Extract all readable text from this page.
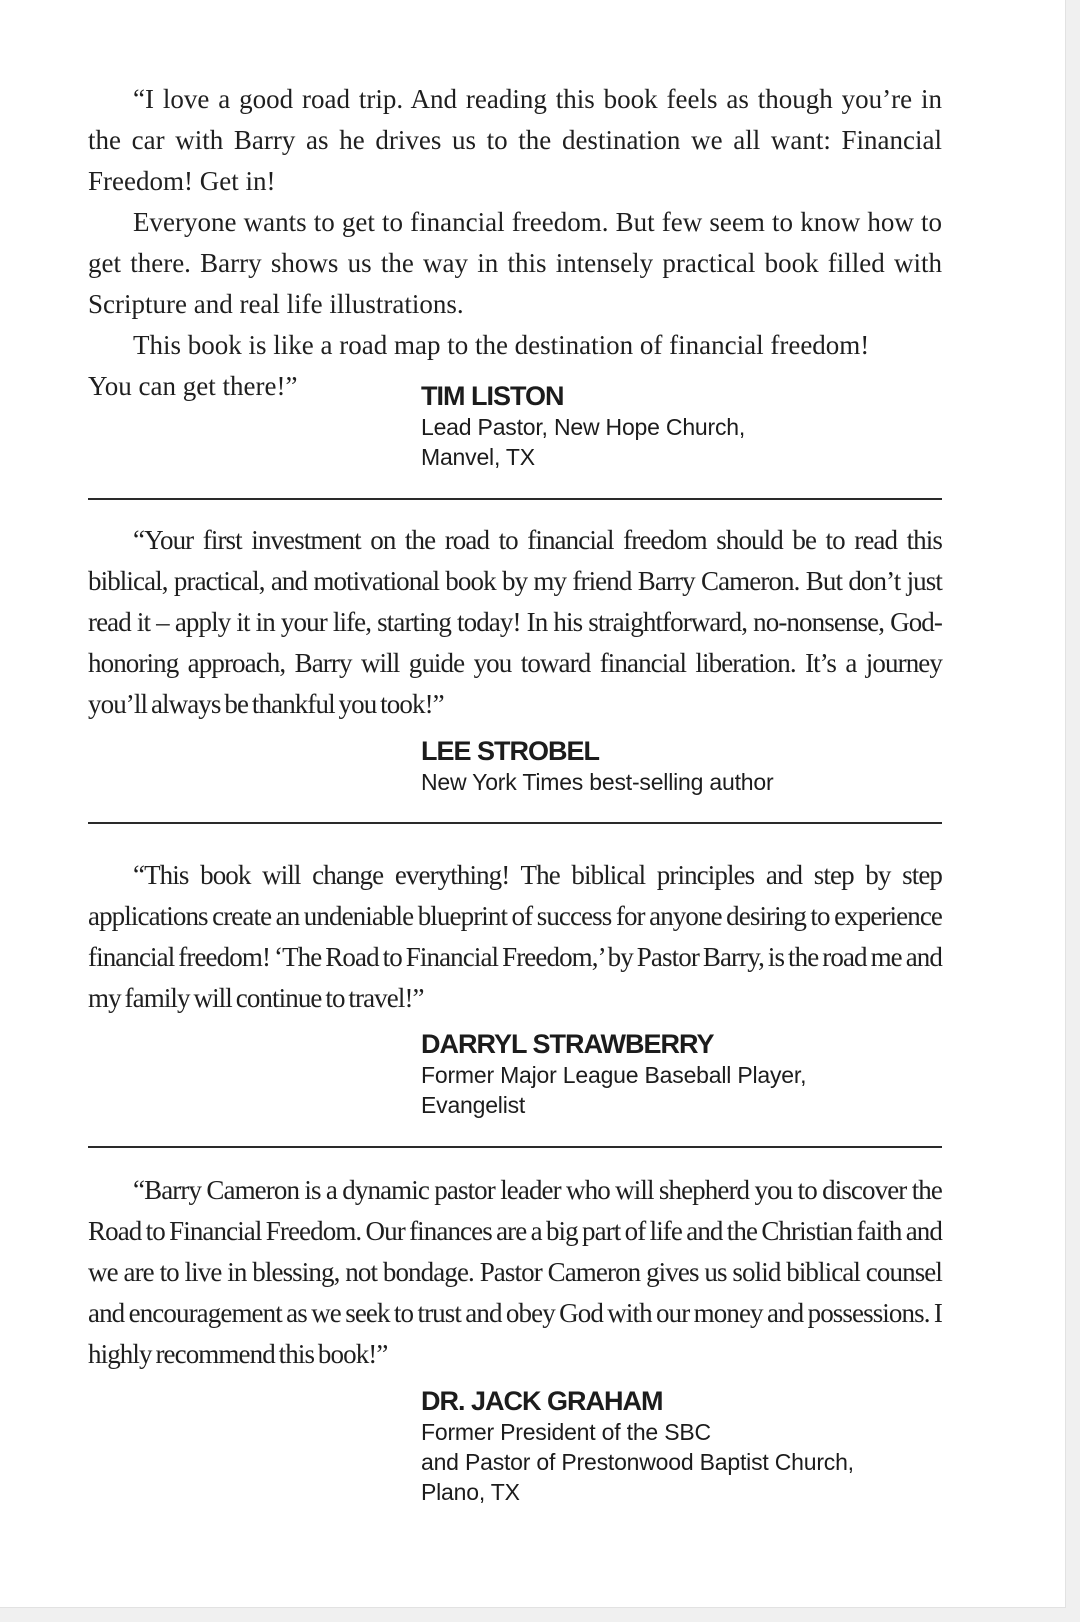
“I love a good road trip. And reading this book feels as though you’re in the car with Barry as he drives us to the destination we all want: Financial Freedom! Get in!

Everyone wants to get to financial freedom. But few seem to know how to get there. Barry shows us the way in this intensely practical book filled with Scripture and real life illustrations.

This book is like a road map to the destination of financial freedom!

You can get there!”	TIM LISTON
Lead Pastor, New Hope Church,
Manvel, TX

“Your first investment on the road to financial freedom should be to read this biblical, practical, and motivational book by my friend Barry Cameron. But don’t just read it – apply it in your life, starting today! In his straightforward, no-nonsense, God-honoring approach, Barry will guide you toward financial liberation. It’s a journey you’ll always be thankful you took!”

LEE STROBEL
New York Times best-selling author

“This book will change everything! The biblical principles and step by step applications create an undeniable blueprint of success for anyone desiring to experience financial freedom! ‘The Road to Financial Freedom,’ by Pastor Barry, is the road me and my family will continue to travel!”

DARRYL STRAWBERRY
Former Major League Baseball Player,
Evangelist

“Barry Cameron is a dynamic pastor leader who will shepherd you to discover the Road to Financial Freedom. Our finances are a big part of life and the Christian faith and we are to live in blessing, not bondage. Pastor Cameron gives us solid biblical counsel and encouragement as we seek to trust and obey God with our money and possessions. I highly recommend this book!”

DR. JACK GRAHAM
Former President of the SBC
and Pastor of Prestonwood Baptist Church,
Plano, TX
